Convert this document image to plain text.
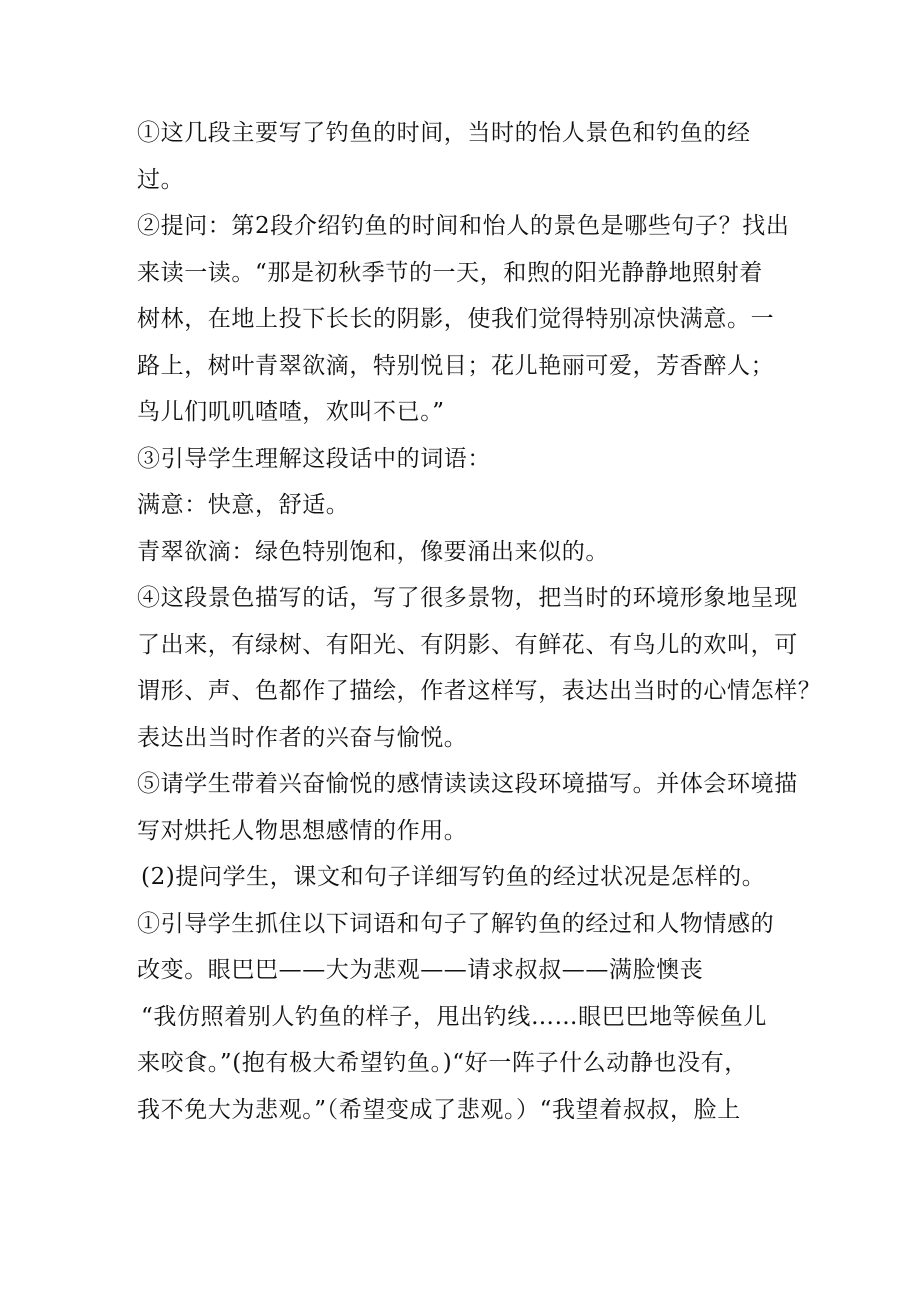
①这几段主要写了钓鱼的时间，当时的怡人景色和钓鱼的经
过。
②提问：第2段介绍钓鱼的时间和怡人的景色是哪些句子？找出
来读一读。“那是初秋季节的一天，和煦的阳光静静地照射着
树林，在地上投下长长的阴影，使我们觉得特别凉快满意。一
路上，树叶青翠欲滴，特别悦目；花儿艳丽可爱，芳香醉人；
鸟儿们叽叽喳喳，欢叫不已。”
③引导学生理解这段话中的词语：
满意：快意，舒适。
青翠欲滴：绿色特别饱和，像要涌出来似的。
④这段景色描写的话，写了很多景物，把当时的环境形象地呈现
了出来，有绿树、有阳光、有阴影、有鲜花、有鸟儿的欢叫，可
谓形、声、色都作了描绘，作者这样写，表达出当时的心情怎样？
表达出当时作者的兴奋与愉悦。
⑤请学生带着兴奋愉悦的感情读读这段环境描写。并体会环境描
写对烘托人物思想感情的作用。
(2)提问学生，课文和句子详细写钓鱼的经过状况是怎样的。
①引导学生抓住以下词语和句子了解钓鱼的经过和人物情感的
改变。眼巴巴——大为悲观——请求叔叔——满脸懊丧
“我仿照着别人钓鱼的样子，甩出钓线……眼巴巴地等候鱼儿
来咬食。”(抱有极大希望钓鱼。)“好一阵子什么动静也没有，
我不免大为悲观。”（希望变成了悲观。）“我望着叔叔，脸上
